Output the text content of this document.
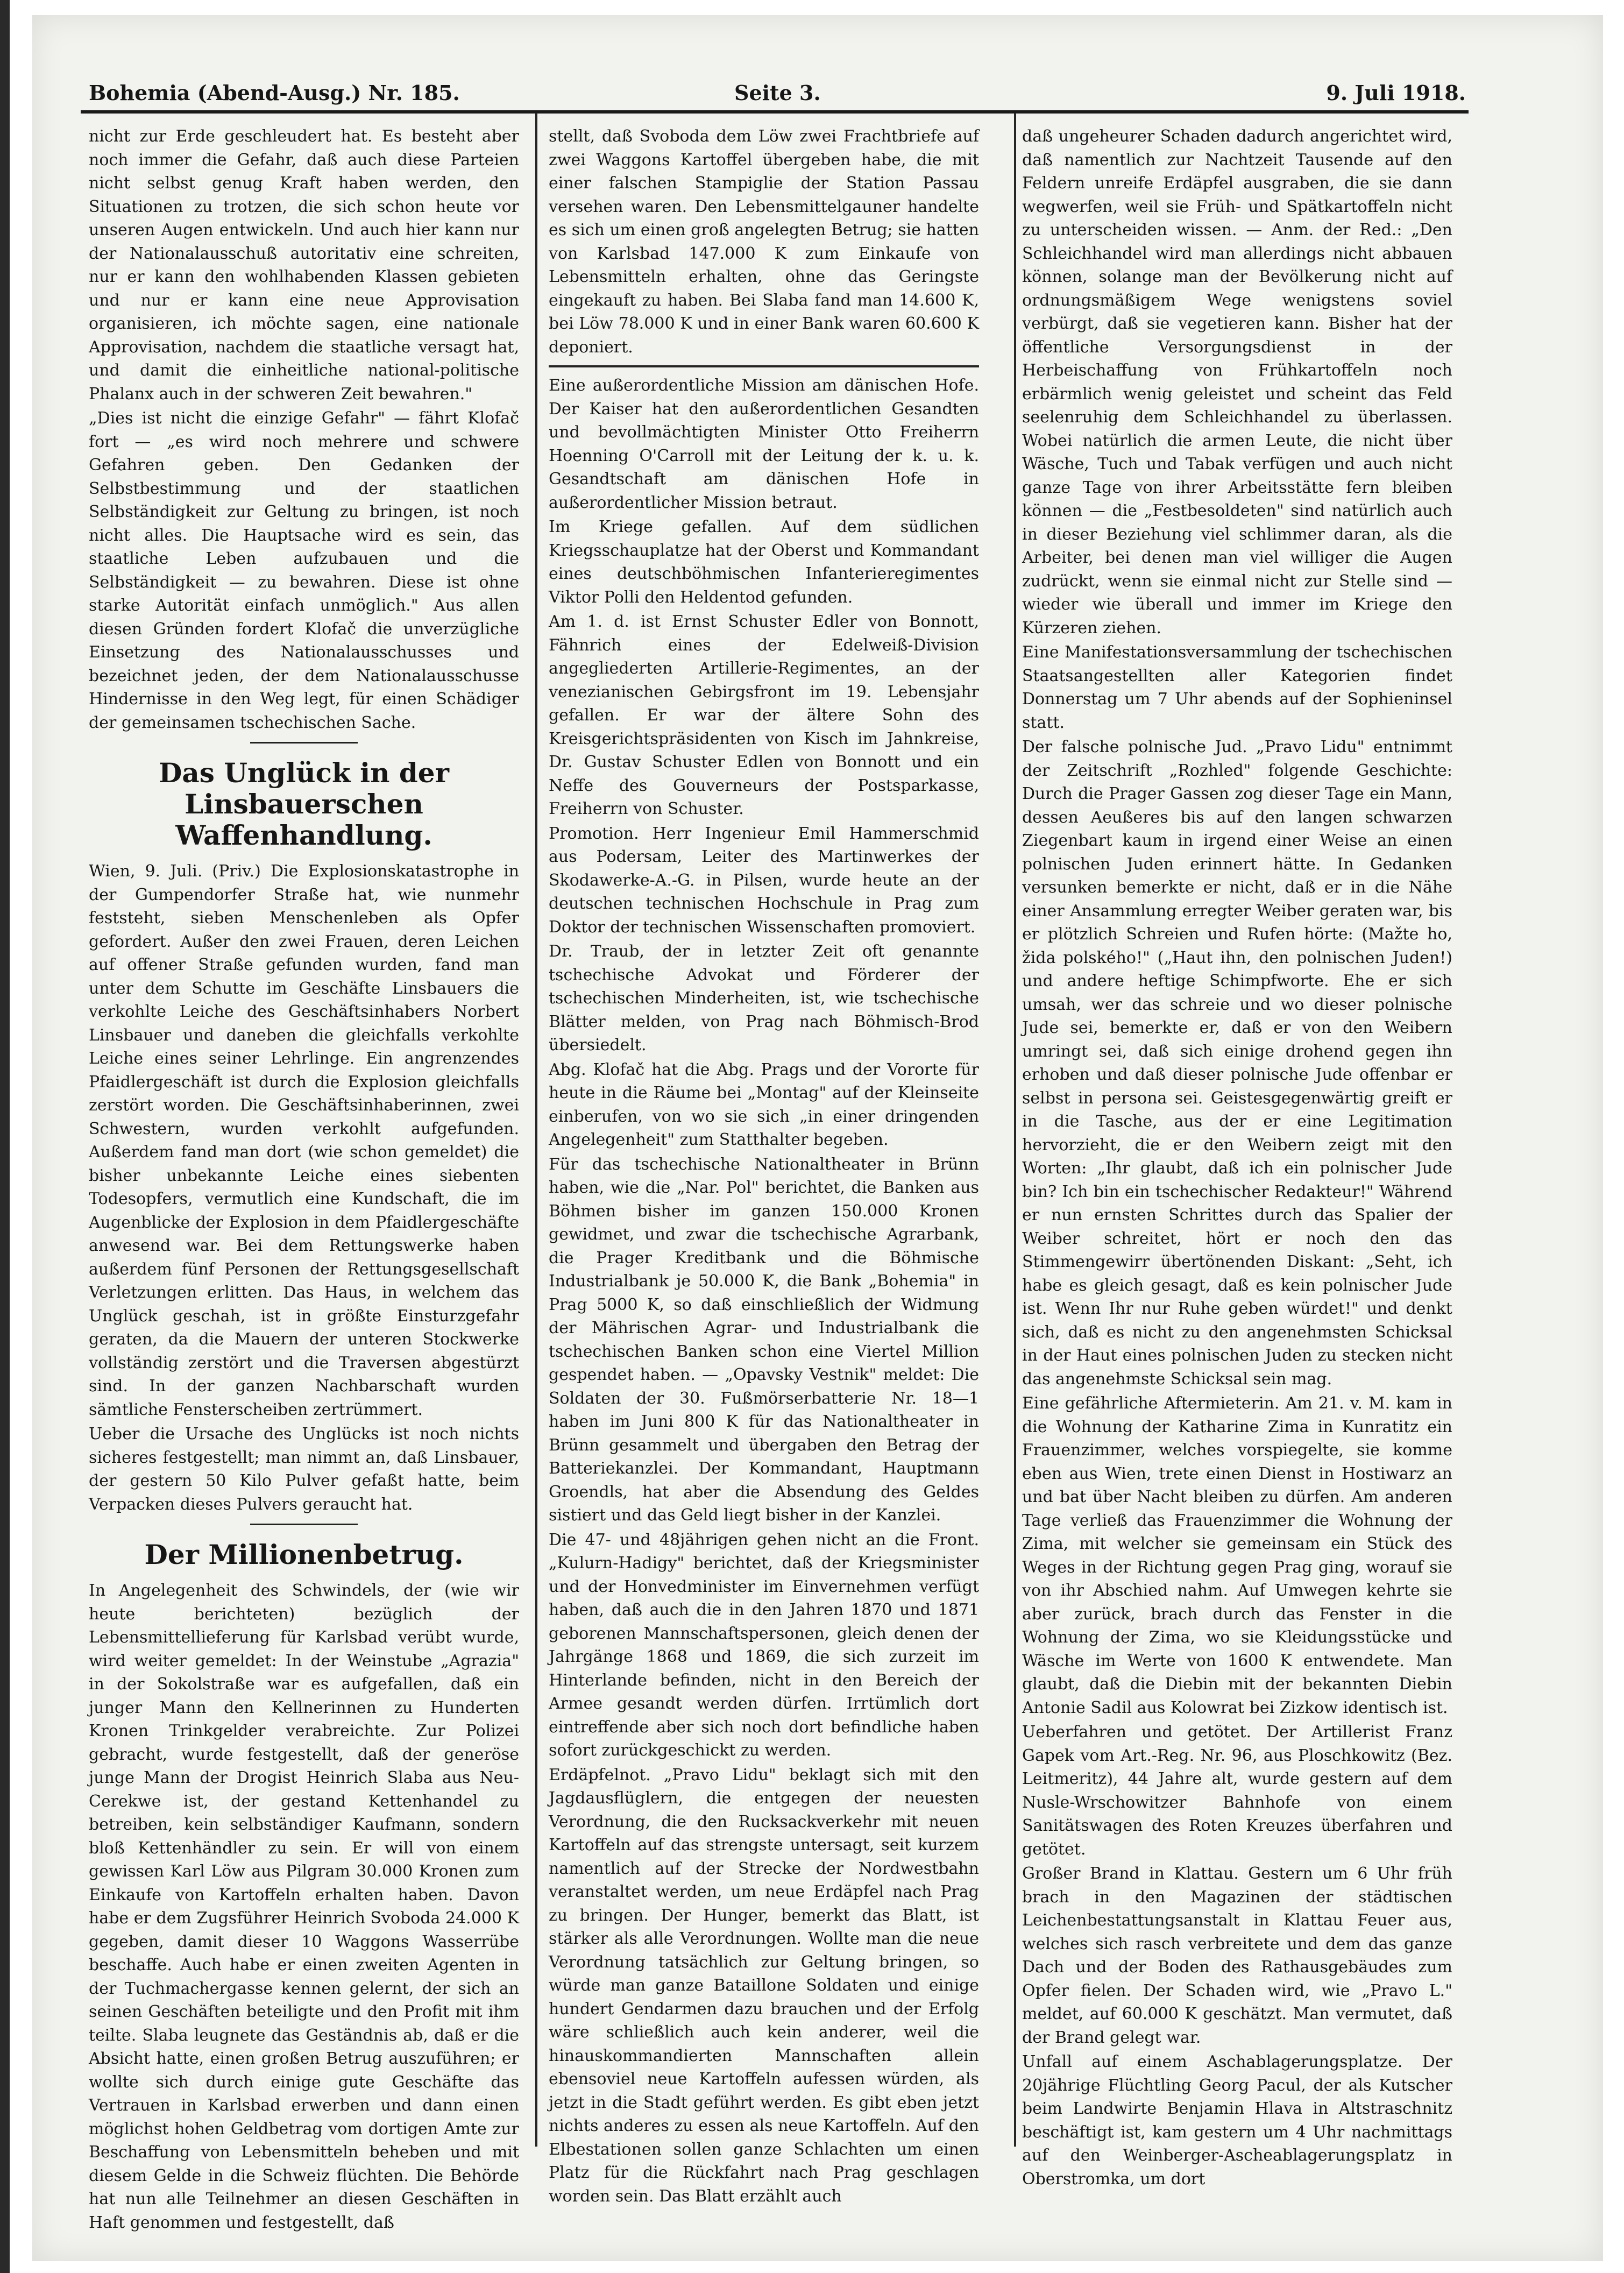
Bohemia (Abend-Ausg.) Nr. 185.	Seite 3.	9. Juli 1918.

nicht zur Erde geschleudert hat. Es besteht aber noch immer die Gefahr, daß auch diese Parteien nicht selbst genug Kraft haben werden, den Situationen zu trotzen, die sich schon heute vor unseren Augen entwickeln. Und auch hier kann nur der Nationalausschuß autoritativ eine schreiten, nur er kann den wohlhabenden Klassen gebieten und nur er kann eine neue Approvisation organisieren, ich möchte sagen, eine nationale Approvisation, nachdem die staatliche versagt hat, und damit die einheitliche national-politische Phalanx auch in der schweren Zeit bewahren."

„Dies ist nicht die einzige Gefahr" — fährt Klofač fort — „es wird noch mehrere und schwere Gefahren geben. Den Gedanken der Selbstbestimmung und der staatlichen Selbständigkeit zur Geltung zu bringen, ist noch nicht alles. Die Hauptsache wird es sein, das staatliche Leben aufzubauen und die Selbständigkeit — zu bewahren. Diese ist ohne starke Autorität einfach unmöglich." Aus allen diesen Gründen fordert Klofač die unverzügliche Einsetzung des Nationalausschusses und bezeichnet jeden, der dem Nationalausschusse Hindernisse in den Weg legt, für einen Schädiger der gemeinsamen tschechischen Sache.

Das Unglück in der Linsbauerschen Waffenhandlung.

Wien, 9. Juli. (Priv.) Die Explosionskatastrophe in der Gumpendorfer Straße hat, wie nunmehr feststeht, sieben Menschenleben als Opfer gefordert. Außer den zwei Frauen, deren Leichen auf offener Straße gefunden wurden, fand man unter dem Schutte im Geschäfte Linsbauers die verkohlte Leiche des Geschäftsinhabers Norbert Linsbauer und daneben die gleichfalls verkohlte Leiche eines seiner Lehrlinge. Ein angrenzendes Pfaidlergeschäft ist durch die Explosion gleichfalls zerstört worden. Die Geschäftsinhaberinnen, zwei Schwestern, wurden verkohlt aufgefunden. Außerdem fand man dort (wie schon gemeldet) die bisher unbekannte Leiche eines siebenten Todesopfers, vermutlich eine Kundschaft, die im Augenblicke der Explosion in dem Pfaidlergeschäfte anwesend war. Bei dem Rettungswerke haben außerdem fünf Personen der Rettungsgesellschaft Verletzungen erlitten. Das Haus, in welchem das Unglück geschah, ist in größte Einsturzgefahr geraten, da die Mauern der unteren Stockwerke vollständig zerstört und die Traversen abgestürzt sind. In der ganzen Nachbarschaft wurden sämtliche Fensterscheiben zertrümmert.

Ueber die Ursache des Unglücks ist noch nichts sicheres festgestellt; man nimmt an, daß Linsbauer, der gestern 50 Kilo Pulver gefaßt hatte, beim Verpacken dieses Pulvers geraucht hat.

Der Millionenbetrug.

In Angelegenheit des Schwindels, der (wie wir heute berichteten) bezüglich der Lebensmittellieferung für Karlsbad verübt wurde, wird weiter gemeldet: In der Weinstube „Agrazia" in der Sokolstraße war es aufgefallen, daß ein junger Mann den Kellnerinnen zu Hunderten Kronen Trinkgelder verabreichte. Zur Polizei gebracht, wurde festgestellt, daß der generöse junge Mann der Drogist Heinrich Slaba aus Neu-Cerekwe ist, der gestand Kettenhandel zu betreiben, kein selbständiger Kaufmann, sondern bloß Kettenhändler zu sein. Er will von einem gewissen Karl Löw aus Pilgram 30.000 Kronen zum Einkaufe von Kartoffeln erhalten haben. Davon habe er dem Zugsführer Heinrich Svoboda 24.000 K gegeben, damit dieser 10 Waggons Wasserrübe beschaffe. Auch habe er einen zweiten Agenten in der Tuchmachergasse kennen gelernt, der sich an seinen Geschäften beteiligte und den Profit mit ihm teilte. Slaba leugnete das Geständnis ab, daß er die Absicht hatte, einen großen Betrug auszuführen; er wollte sich durch einige gute Geschäfte das Vertrauen in Karlsbad erwerben und dann einen möglichst hohen Geldbetrag vom dortigen Amte zur Beschaffung von Lebensmitteln beheben und mit diesem Gelde in die Schweiz flüchten. Die Behörde hat nun alle Teilnehmer an diesen Geschäften in Haft genommen und festgestellt, daß

stellt, daß Svoboda dem Löw zwei Frachtbriefe auf zwei Waggons Kartoffel übergeben habe, die mit einer falschen Stampiglie der Station Passau versehen waren. Den Lebensmittelgauner handelte es sich um einen groß angelegten Betrug; sie hatten von Karlsbad 147.000 K zum Einkaufe von Lebensmitteln erhalten, ohne das Geringste eingekauft zu haben. Bei Slaba fand man 14.600 K, bei Löw 78.000 K und in einer Bank waren 60.600 K deponiert.

Eine außerordentliche Mission am dänischen Hofe. Der Kaiser hat den außerordentlichen Gesandten und bevollmächtigten Minister Otto Freiherrn Hoenning O'Carroll mit der Leitung der k. u. k. Gesandtschaft am dänischen Hofe in außerordentlicher Mission betraut.

Im Kriege gefallen. Auf dem südlichen Kriegsschauplatze hat der Oberst und Kommandant eines deutschböhmischen Infanterieregimentes Viktor Polli den Heldentod gefunden.

Am 1. d. ist Ernst Schuster Edler von Bonnott, Fähnrich eines der Edelweiß-Division angegliederten Artillerie-Regimentes, an der venezianischen Gebirgsfront im 19. Lebensjahr gefallen. Er war der ältere Sohn des Kreisgerichtspräsidenten von Kisch im Jahnkreise, Dr. Gustav Schuster Edlen von Bonnott und ein Neffe des Gouverneurs der Postsparkasse, Freiherrn von Schuster.

Promotion. Herr Ingenieur Emil Hammerschmid aus Podersam, Leiter des Martinwerkes der Skodawerke-A.-G. in Pilsen, wurde heute an der deutschen technischen Hochschule in Prag zum Doktor der technischen Wissenschaften promoviert.

Dr. Traub, der in letzter Zeit oft genannte tschechische Advokat und Förderer der tschechischen Minderheiten, ist, wie tschechische Blätter melden, von Prag nach Böhmisch-Brod übersiedelt.

Abg. Klofač hat die Abg. Prags und der Vororte für heute in die Räume bei „Montag" auf der Kleinseite einberufen, von wo sie sich „in einer dringenden Angelegenheit" zum Statthalter begeben.

Für das tschechische Nationaltheater in Brünn haben, wie die „Nar. Pol" berichtet, die Banken aus Böhmen bisher im ganzen 150.000 Kronen gewidmet, und zwar die tschechische Agrarbank, die Prager Kreditbank und die Böhmische Industrialbank je 50.000 K, die Bank „Bohemia" in Prag 5000 K, so daß einschließlich der Widmung der Mährischen Agrar- und Industrialbank die tschechischen Banken schon eine Viertel Million gespendet haben. — „Opavsky Vestnik" meldet: Die Soldaten der 30. Fußmörserbatterie Nr. 18—1 haben im Juni 800 K für das Nationaltheater in Brünn gesammelt und übergaben den Betrag der Batteriekanzlei. Der Kommandant, Hauptmann Groendls, hat aber die Absendung des Geldes sistiert und das Geld liegt bisher in der Kanzlei.

Die 47- und 48jährigen gehen nicht an die Front. „Kulurn-Hadigy" berichtet, daß der Kriegsminister und der Honvedminister im Einvernehmen verfügt haben, daß auch die in den Jahren 1870 und 1871 geborenen Mannschaftspersonen, gleich denen der Jahrgänge 1868 und 1869, die sich zurzeit im Hinterlande befinden, nicht in den Bereich der Armee gesandt werden dürfen. Irrtümlich dort eintreffende aber sich noch dort befindliche haben sofort zurückgeschickt zu werden.

Erdäpfelnot. „Pravo Lidu" beklagt sich mit den Jagdausflüglern, die entgegen der neuesten Verordnung, die den Rucksackverkehr mit neuen Kartoffeln auf das strengste untersagt, seit kurzem namentlich auf der Strecke der Nordwestbahn veranstaltet werden, um neue Erdäpfel nach Prag zu bringen. Der Hunger, bemerkt das Blatt, ist stärker als alle Verordnungen. Wollte man die neue Verordnung tatsächlich zur Geltung bringen, so würde man ganze Bataillone Soldaten und einige hundert Gendarmen dazu brauchen und der Erfolg wäre schließlich auch kein anderer, weil die hinauskommandierten Mannschaften allein ebensoviel neue Kartoffeln aufessen würden, als jetzt in die Stadt geführt werden. Es gibt eben jetzt nichts anderes zu essen als neue Kartoffeln. Auf den Elbestationen sollen ganze Schlachten um einen Platz für die Rückfahrt nach Prag geschlagen worden sein. Das Blatt erzählt auch

daß ungeheurer Schaden dadurch angerichtet wird, daß namentlich zur Nachtzeit Tausende auf den Feldern unreife Erdäpfel ausgraben, die sie dann wegwerfen, weil sie Früh- und Spätkartoffeln nicht zu unterscheiden wissen. — Anm. der Red.: „Den Schleichhandel wird man allerdings nicht abbauen können, solange man der Bevölkerung nicht auf ordnungsmäßigem Wege wenigstens soviel verbürgt, daß sie vegetieren kann. Bisher hat der öffentliche Versorgungsdienst in der Herbeischaffung von Frühkartoffeln noch erbärmlich wenig geleistet und scheint das Feld seelenruhig dem Schleichhandel zu überlassen. Wobei natürlich die armen Leute, die nicht über Wäsche, Tuch und Tabak verfügen und auch nicht ganze Tage von ihrer Arbeitsstätte fern bleiben können — die „Festbesoldeten" sind natürlich auch in dieser Beziehung viel schlimmer daran, als die Arbeiter, bei denen man viel williger die Augen zudrückt, wenn sie einmal nicht zur Stelle sind — wieder wie überall und immer im Kriege den Kürzeren ziehen.

Eine Manifestationsversammlung der tschechischen Staatsangestellten aller Kategorien findet Donnerstag um 7 Uhr abends auf der Sophieninsel statt.

Der falsche polnische Jud. „Pravo Lidu" entnimmt der Zeitschrift „Rozhled" folgende Geschichte: Durch die Prager Gassen zog dieser Tage ein Mann, dessen Aeußeres bis auf den langen schwarzen Ziegenbart kaum in irgend einer Weise an einen polnischen Juden erinnert hätte. In Gedanken versunken bemerkte er nicht, daß er in die Nähe einer Ansammlung erregter Weiber geraten war, bis er plötzlich Schreien und Rufen hörte: (Mažte ho, žida polského!" („Haut ihn, den polnischen Juden!) und andere heftige Schimpfworte. Ehe er sich umsah, wer das schreie und wo dieser polnische Jude sei, bemerkte er, daß er von den Weibern umringt sei, daß sich einige drohend gegen ihn erhoben und daß dieser polnische Jude offenbar er selbst in persona sei. Geistesgegenwärtig greift er in die Tasche, aus der er eine Legitimation hervorzieht, die er den Weibern zeigt mit den Worten: „Ihr glaubt, daß ich ein polnischer Jude bin? Ich bin ein tschechischer Redakteur!" Während er nun ernsten Schrittes durch das Spalier der Weiber schreitet, hört er noch den das Stimmengewirr übertönenden Diskant: „Seht, ich habe es gleich gesagt, daß es kein polnischer Jude ist. Wenn Ihr nur Ruhe geben würdet!" und denkt sich, daß es nicht zu den angenehmsten Schicksal in der Haut eines polnischen Juden zu stecken nicht das angenehmste Schicksal sein mag.

Eine gefährliche Aftermieterin. Am 21. v. M. kam in die Wohnung der Katharine Zima in Kunratitz ein Frauenzimmer, welches vorspiegelte, sie komme eben aus Wien, trete einen Dienst in Hostiwarz an und bat über Nacht bleiben zu dürfen. Am anderen Tage verließ das Frauenzimmer die Wohnung der Zima, mit welcher sie gemeinsam ein Stück des Weges in der Richtung gegen Prag ging, worauf sie von ihr Abschied nahm. Auf Umwegen kehrte sie aber zurück, brach durch das Fenster in die Wohnung der Zima, wo sie Kleidungsstücke und Wäsche im Werte von 1600 K entwendete. Man glaubt, daß die Diebin mit der bekannten Diebin Antonie Sadil aus Kolowrat bei Zizkow identisch ist.

Ueberfahren und getötet. Der Artillerist Franz Gapek vom Art.-Reg. Nr. 96, aus Ploschkowitz (Bez. Leitmeritz), 44 Jahre alt, wurde gestern auf dem Nusle-Wrschowitzer Bahnhofe von einem Sanitätswagen des Roten Kreuzes überfahren und getötet.

Großer Brand in Klattau. Gestern um 6 Uhr früh brach in den Magazinen der städtischen Leichenbestattungsanstalt in Klattau Feuer aus, welches sich rasch verbreitete und dem das ganze Dach und der Boden des Rathausgebäudes zum Opfer fielen. Der Schaden wird, wie „Pravo L." meldet, auf 60.000 K geschätzt. Man vermutet, daß der Brand gelegt war.

Unfall auf einem Aschablagerungsplatze. Der 20jährige Flüchtling Georg Pacul, der als Kutscher beim Landwirte Benjamin Hlava in Altstraschnitz beschäftigt ist, kam gestern um 4 Uhr nachmittags auf den Weinberger-Ascheablagerungsplatz in Oberstromka, um dort
